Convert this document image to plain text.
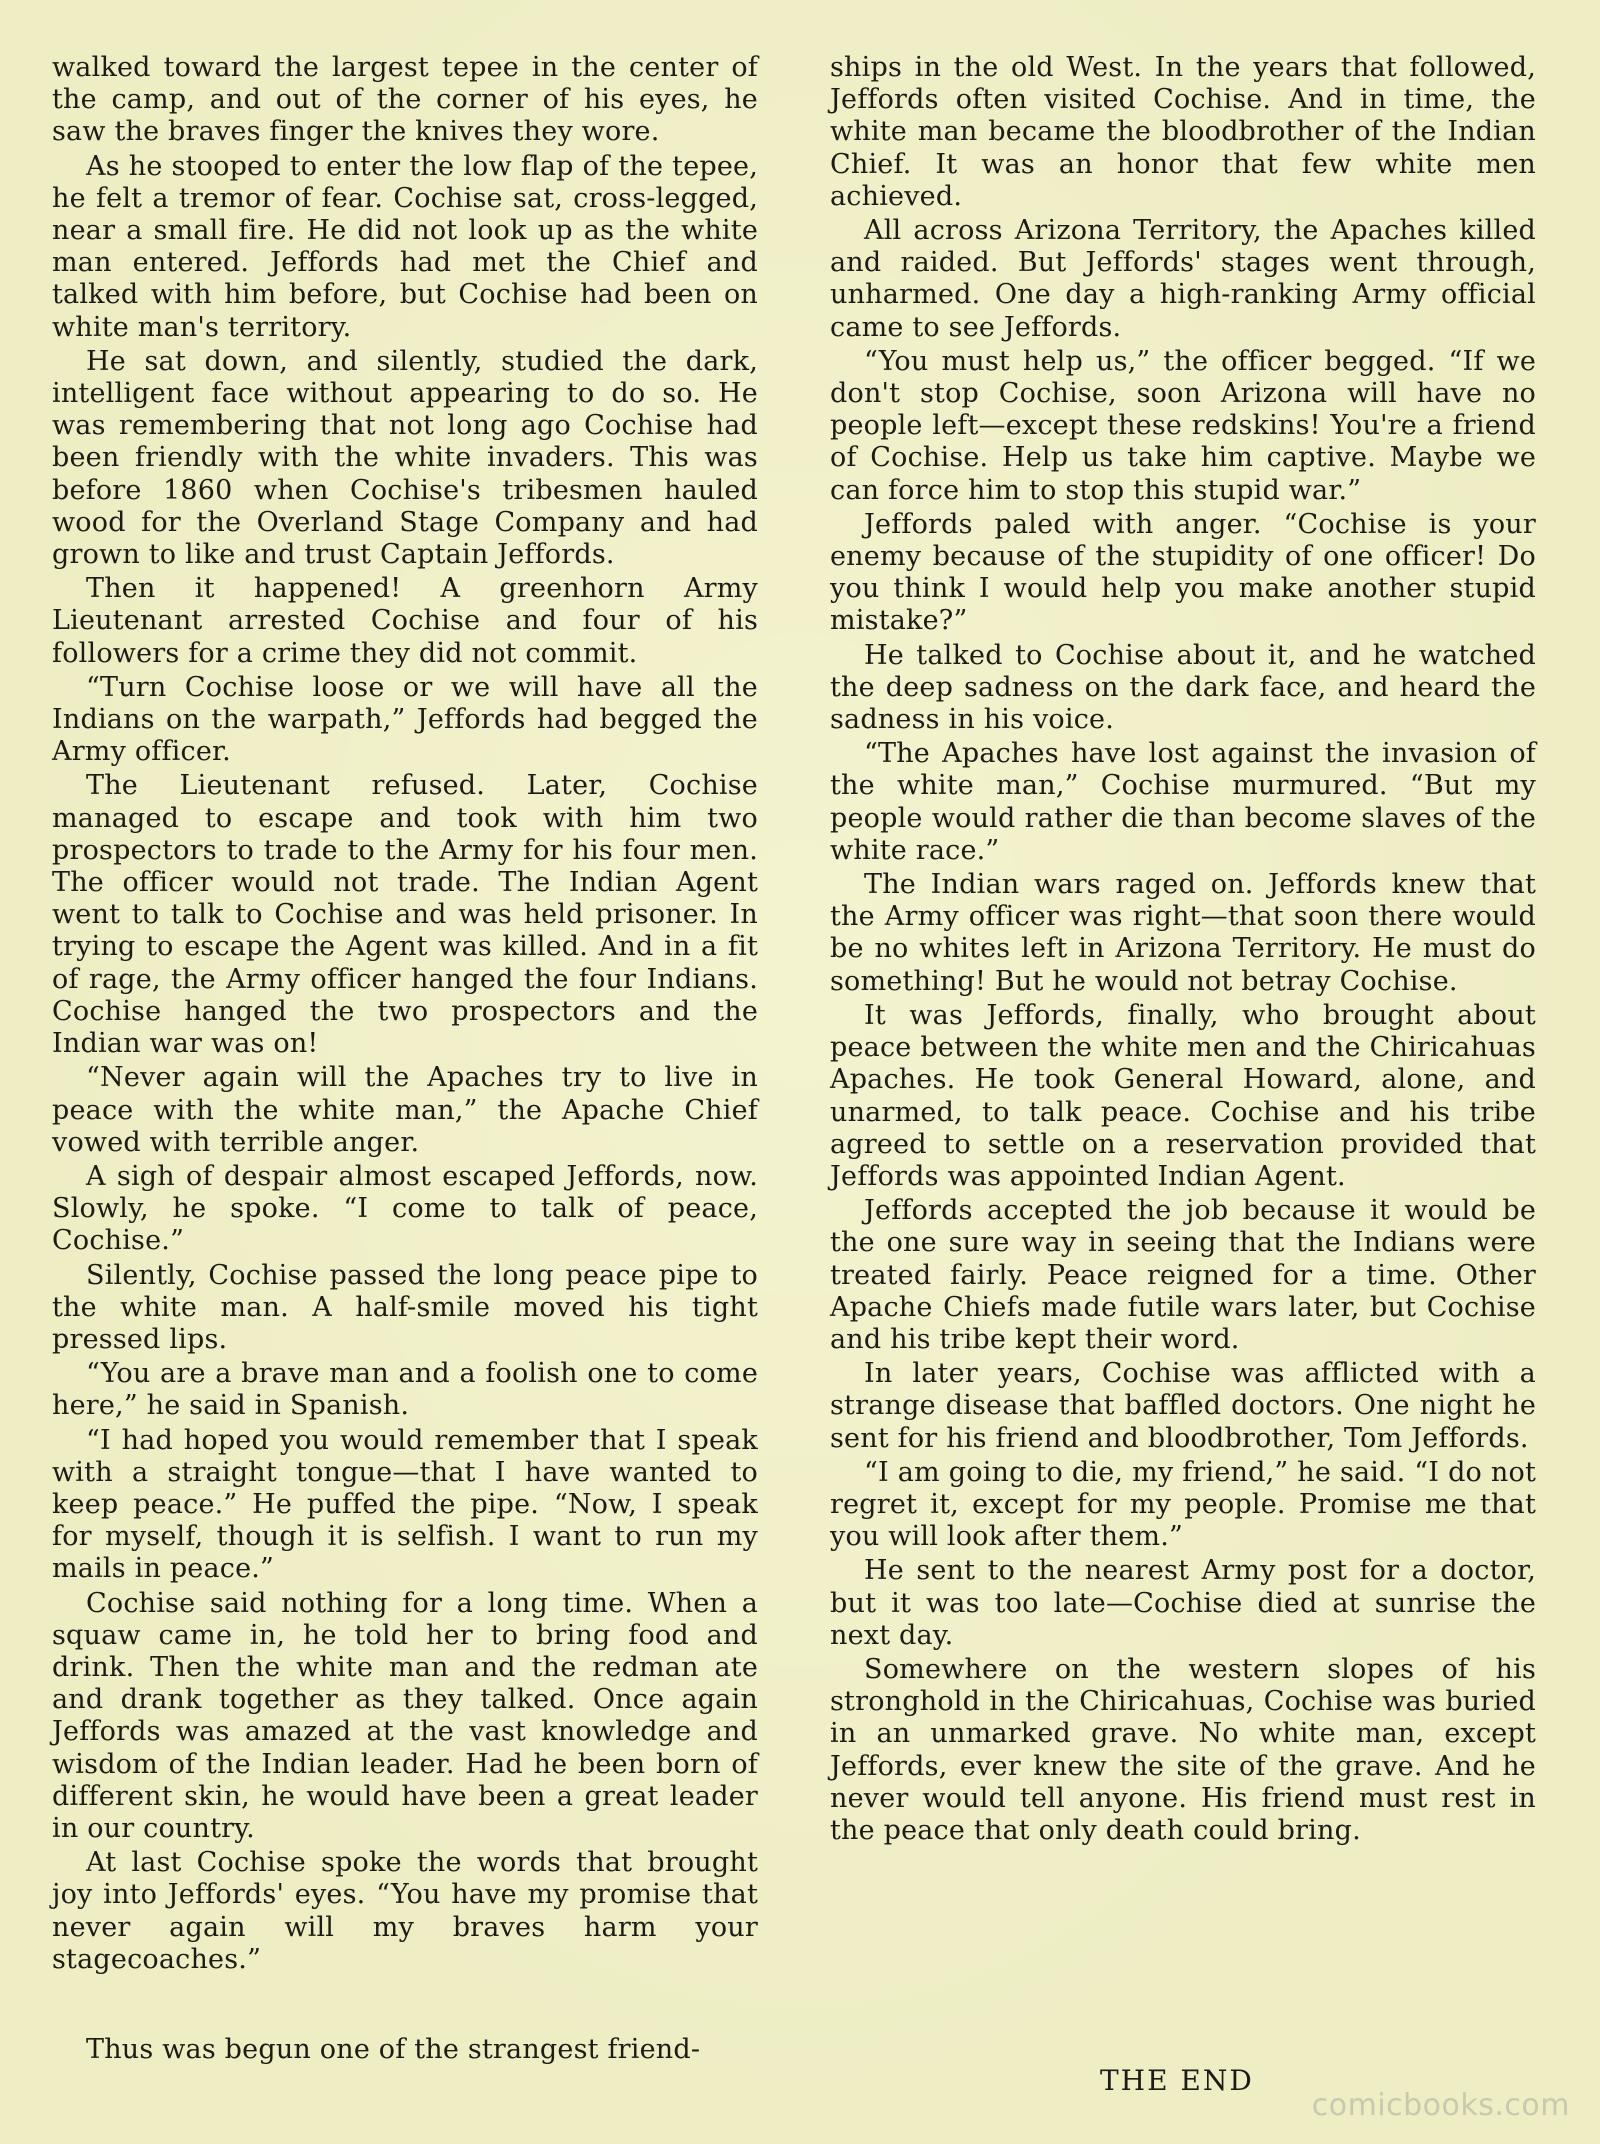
walked toward the largest tepee in the center of the camp, and out of the corner of his eyes, he saw the braves finger the knives they wore.

As he stooped to enter the low flap of the tepee, he felt a tremor of fear. Cochise sat, cross-legged, near a small fire. He did not look up as the white man entered. Jeffords had met the Chief and talked with him before, but Cochise had been on white man's territory.

He sat down, and silently, studied the dark, intelligent face without appearing to do so. He was remembering that not long ago Cochise had been friendly with the white invaders. This was before 1860 when Cochise's tribesmen hauled wood for the Overland Stage Company and had grown to like and trust Captain Jeffords.

Then it happened! A greenhorn Army Lieutenant arrested Cochise and four of his followers for a crime they did not commit.

“Turn Cochise loose or we will have all the Indians on the warpath,” Jeffords had begged the Army officer.

The Lieutenant refused. Later, Cochise managed to escape and took with him two prospectors to trade to the Army for his four men. The officer would not trade. The Indian Agent went to talk to Cochise and was held prisoner. In trying to escape the Agent was killed. And in a fit of rage, the Army officer hanged the four Indians. Cochise hanged the two prospectors and the Indian war was on!

“Never again will the Apaches try to live in peace with the white man,” the Apache Chief vowed with terrible anger.

A sigh of despair almost escaped Jeffords, now. Slowly, he spoke. “I come to talk of peace, Cochise.”

Silently, Cochise passed the long peace pipe to the white man. A half-smile moved his tight pressed lips.

“You are a brave man and a foolish one to come here,” he said in Spanish.

“I had hoped you would remember that I speak with a straight tongue—that I have wanted to keep peace.” He puffed the pipe. “Now, I speak for myself, though it is selfish. I want to run my mails in peace.”

Cochise said nothing for a long time. When a squaw came in, he told her to bring food and drink. Then the white man and the redman ate and drank together as they talked. Once again Jeffords was amazed at the vast knowledge and wisdom of the Indian leader. Had he been born of different skin, he would have been a great leader in our country.

At last Cochise spoke the words that brought joy into Jeffords' eyes. “You have my promise that never again will my braves harm your stagecoaches.”

Thus was begun one of the strangest friend-

ships in the old West. In the years that followed, Jeffords often visited Cochise. And in time, the white man became the bloodbrother of the Indian Chief. It was an honor that few white men achieved.

All across Arizona Territory, the Apaches killed and raided. But Jeffords' stages went through, unharmed. One day a high-ranking Army official came to see Jeffords.

“You must help us,” the officer begged. “If we don't stop Cochise, soon Arizona will have no people left—except these redskins! You're a friend of Cochise. Help us take him captive. Maybe we can force him to stop this stupid war.”

Jeffords paled with anger. “Cochise is your enemy because of the stupidity of one officer! Do you think I would help you make another stupid mistake?”

He talked to Cochise about it, and he watched the deep sadness on the dark face, and heard the sadness in his voice.

“The Apaches have lost against the invasion of the white man,” Cochise murmured. “But my people would rather die than become slaves of the white race.”

The Indian wars raged on. Jeffords knew that the Army officer was right—that soon there would be no whites left in Arizona Territory. He must do something! But he would not betray Cochise.

It was Jeffords, finally, who brought about peace between the white men and the Chiricahuas Apaches. He took General Howard, alone, and unarmed, to talk peace. Cochise and his tribe agreed to settle on a reservation provided that Jeffords was appointed Indian Agent.

Jeffords accepted the job because it would be the one sure way in seeing that the Indians were treated fairly. Peace reigned for a time. Other Apache Chiefs made futile wars later, but Cochise and his tribe kept their word.

In later years, Cochise was afflicted with a strange disease that baffled doctors. One night he sent for his friend and bloodbrother, Tom Jeffords.

“I am going to die, my friend,” he said. “I do not regret it, except for my people. Promise me that you will look after them.”

He sent to the nearest Army post for a doctor, but it was too late—Cochise died at sunrise the next day.

Somewhere on the western slopes of his stronghold in the Chiricahuas, Cochise was buried in an unmarked grave. No white man, except Jeffords, ever knew the site of the grave. And he never would tell anyone. His friend must rest in the peace that only death could bring.

THE END
comicbooks.com
